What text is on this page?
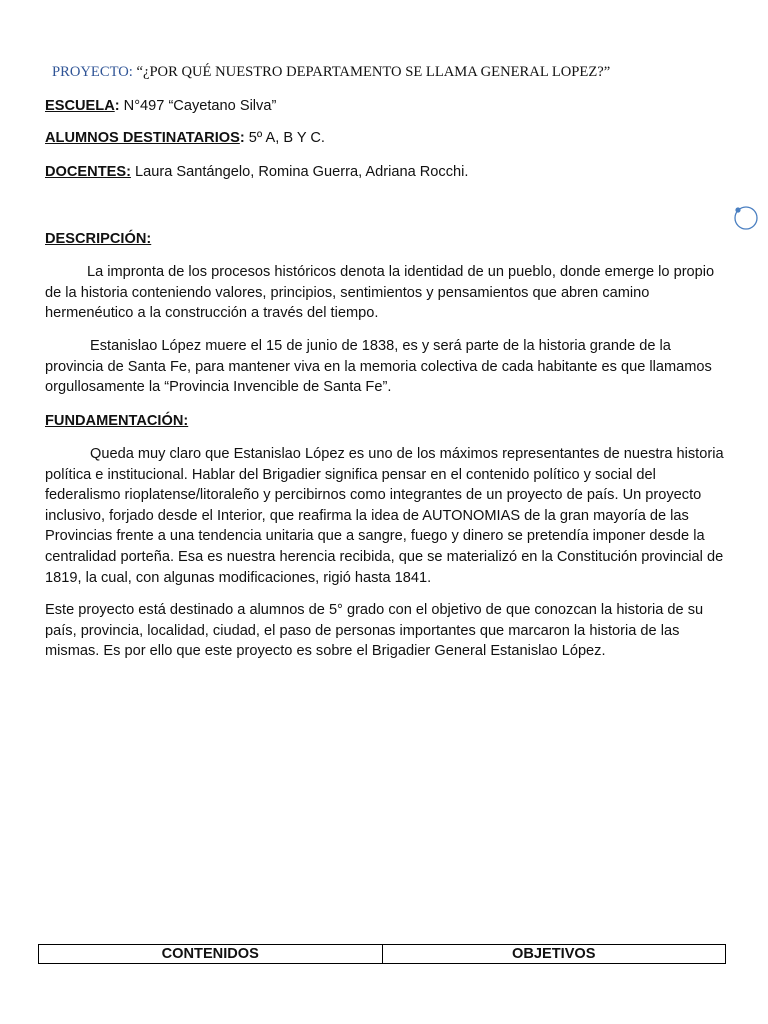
PROYECTO: “¿POR QUÉ NUESTRO DEPARTAMENTO SE LLAMA GENERAL LOPEZ?”
ESCUELA: N°497 “Cayetano Silva”
ALUMNOS DESTINATARIOS: 5º A, B Y C.
DOCENTES: Laura Santángelo, Romina Guerra, Adriana Rocchi.
DESCRIPCIÓN:

La impronta de los procesos históricos denota la identidad de un pueblo, donde emerge lo propio de la historia conteniendo valores, principios, sentimientos y pensamientos que abren camino hermenéutico a la construcción a través del tiempo.

Estanislao López muere el 15 de junio de 1838, es y será parte de la historia grande de la provincia de Santa Fe, para mantener viva en la memoria colectiva de cada habitante es que llamamos orgullosamente la “Provincia Invencible de Santa Fe”.

FUNDAMENTACIÓN:

Queda muy claro que Estanislao López es uno de los máximos representantes de nuestra historia política e institucional. Hablar del Brigadier significa pensar en el contenido político y social del federalismo rioplatense/litoraleño y percibirnos como integrantes de un proyecto de país. Un proyecto inclusivo, forjado desde el Interior, que reafirma la idea de AUTONOMIAS de la gran mayoría de las Provincias frente a una tendencia unitaria que a sangre, fuego y dinero se pretendía imponer desde la centralidad porteña. Esa es nuestra herencia recibida, que se materializó en la Constitución provincial de 1819, la cual, con algunas modificaciones, rigió hasta 1841.

Este proyecto está destinado a alumnos de 5° grado con el objetivo de que conozcan la historia de su país, provincia, localidad, ciudad, el paso de personas importantes que marcaron la historia de las mismas. Es por ello que este proyecto es sobre el Brigadier General Estanislao López.

CONTENIDOS	OBJETIVOS
